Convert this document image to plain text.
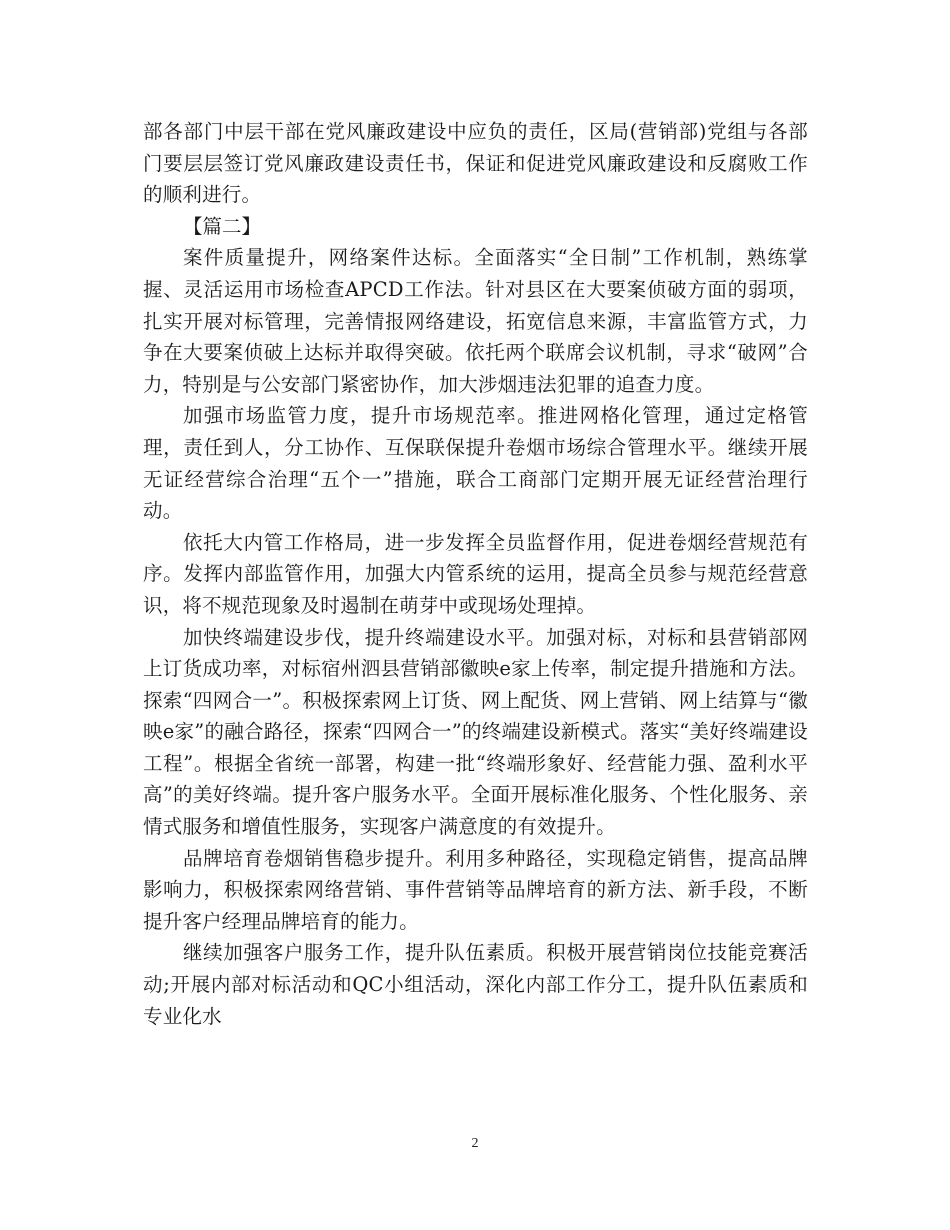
部各部门中层干部在党风廉政建设中应负的责任，区局(营销部)党组与各部门要层层签订党风廉政建设责任书，保证和促进党风廉政建设和反腐败工作的顺利进行。

【篇二】

案件质量提升，网络案件达标。全面落实“全日制”工作机制，熟练掌握、灵活运用市场检查APCD工作法。针对县区在大要案侦破方面的弱项，扎实开展对标管理，完善情报网络建设，拓宽信息来源，丰富监管方式，力争在大要案侦破上达标并取得突破。依托两个联席会议机制，寻求“破网”合力，特别是与公安部门紧密协作，加大涉烟违法犯罪的追查力度。

加强市场监管力度，提升市场规范率。推进网格化管理，通过定格管理，责任到人，分工协作、互保联保提升卷烟市场综合管理水平。继续开展无证经营综合治理“五个一”措施，联合工商部门定期开展无证经营治理行动。

依托大内管工作格局，进一步发挥全员监督作用，促进卷烟经营规范有序。发挥内部监管作用，加强大内管系统的运用，提高全员参与规范经营意识，将不规范现象及时遏制在萌芽中或现场处理掉。

加快终端建设步伐，提升终端建设水平。加强对标，对标和县营销部网上订货成功率，对标宿州泗县营销部徽映e家上传率，制定提升措施和方法。探索“四网合一”。积极探索网上订货、网上配货、网上营销、网上结算与“徽映e家”的融合路径，探索“四网合一”的终端建设新模式。落实“美好终端建设工程”。根据全省统一部署，构建一批“终端形象好、经营能力强、盈利水平高”的美好终端。提升客户服务水平。全面开展标准化服务、个性化服务、亲情式服务和增值性服务，实现客户满意度的有效提升。

品牌培育卷烟销售稳步提升。利用多种路径，实现稳定销售，提高品牌影响力，积极探索网络营销、事件营销等品牌培育的新方法、新手段，不断提升客户经理品牌培育的能力。

继续加强客户服务工作，提升队伍素质。积极开展营销岗位技能竞赛活动;开展内部对标活动和QC小组活动，深化内部工作分工，提升队伍素质和专业化水

2
